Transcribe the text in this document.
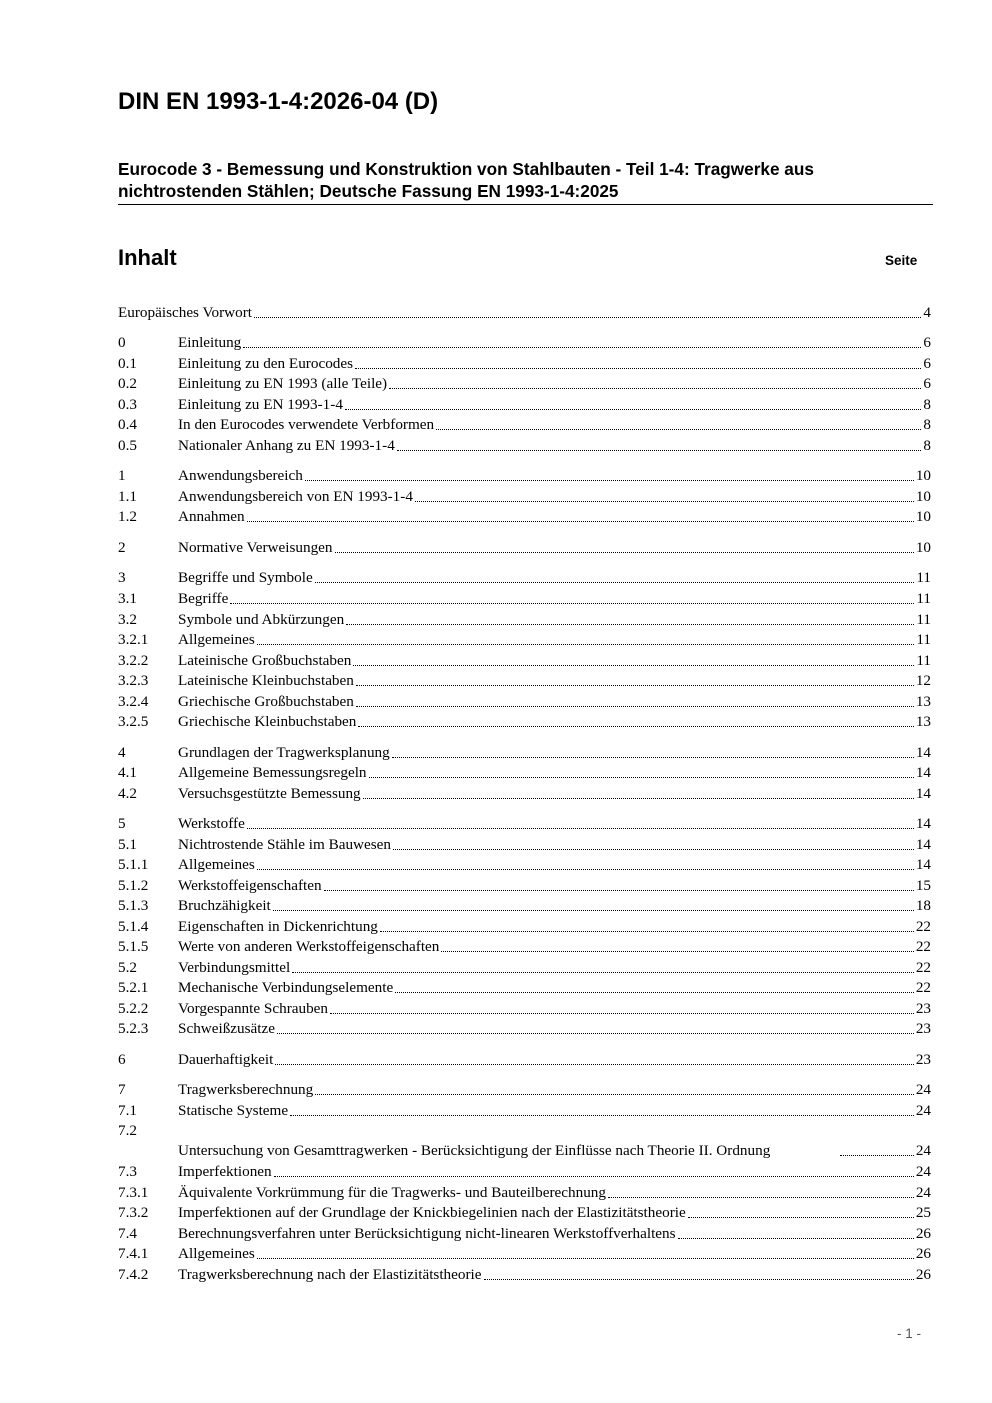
DIN EN 1993-1-4:2026-04 (D)

Eurocode 3 - Bemessung und Konstruktion von Stahlbauten - Teil 1-4: Tragwerke aus nichtrostenden Stählen; Deutsche Fassung EN 1993-1-4:2025

Inhalt	Seite
Europäisches Vorwort	4
0	Einleitung	6
0.1	Einleitung zu den Eurocodes	6
0.2	Einleitung zu EN 1993 (alle Teile)	6
0.3	Einleitung zu EN 1993-1-4	8
0.4	In den Eurocodes verwendete Verbformen	8
0.5	Nationaler Anhang zu EN 1993-1-4	8
1	Anwendungsbereich	10
1.1	Anwendungsbereich von EN 1993-1-4	10
1.2	Annahmen	10
2	Normative Verweisungen	10
3	Begriffe und Symbole	11
3.1	Begriffe	11
3.2	Symbole und Abkürzungen	11
3.2.1	Allgemeines	11
3.2.2	Lateinische Großbuchstaben	11
3.2.3	Lateinische Kleinbuchstaben	12
3.2.4	Griechische Großbuchstaben	13
3.2.5	Griechische Kleinbuchstaben	13
4	Grundlagen der Tragwerksplanung	14
4.1	Allgemeine Bemessungsregeln	14
4.2	Versuchsgestützte Bemessung	14
5	Werkstoffe	14
5.1	Nichtrostende Stähle im Bauwesen	14
5.1.1	Allgemeines	14
5.1.2	Werkstoffeigenschaften	15
5.1.3	Bruchzähigkeit	18
5.1.4	Eigenschaften in Dickenrichtung	22
5.1.5	Werte von anderen Werkstoffeigenschaften	22
5.2	Verbindungsmittel	22
5.2.1	Mechanische Verbindungselemente	22
5.2.2	Vorgespannte Schrauben	23
5.2.3	Schweißzusätze	23
6	Dauerhaftigkeit	23
7	Tragwerksberechnung	24
7.1	Statische Systeme	24
7.2
Untersuchung von Gesamttragwerken - Berücksichtigung der Einflüsse nach Theorie II. Ordnung	24
7.3	Imperfektionen	24
7.3.1	Äquivalente Vorkrümmung für die Tragwerks- und Bauteilberechnung	24
7.3.2	Imperfektionen auf der Grundlage der Knickbiegelinien nach der Elastizitätstheorie	25
7.4	Berechnungsverfahren unter Berücksichtigung nicht-linearen Werkstoffverhaltens	26
7.4.1	Allgemeines	26
7.4.2	Tragwerksberechnung nach der Elastizitätstheorie	26
- 1 -
